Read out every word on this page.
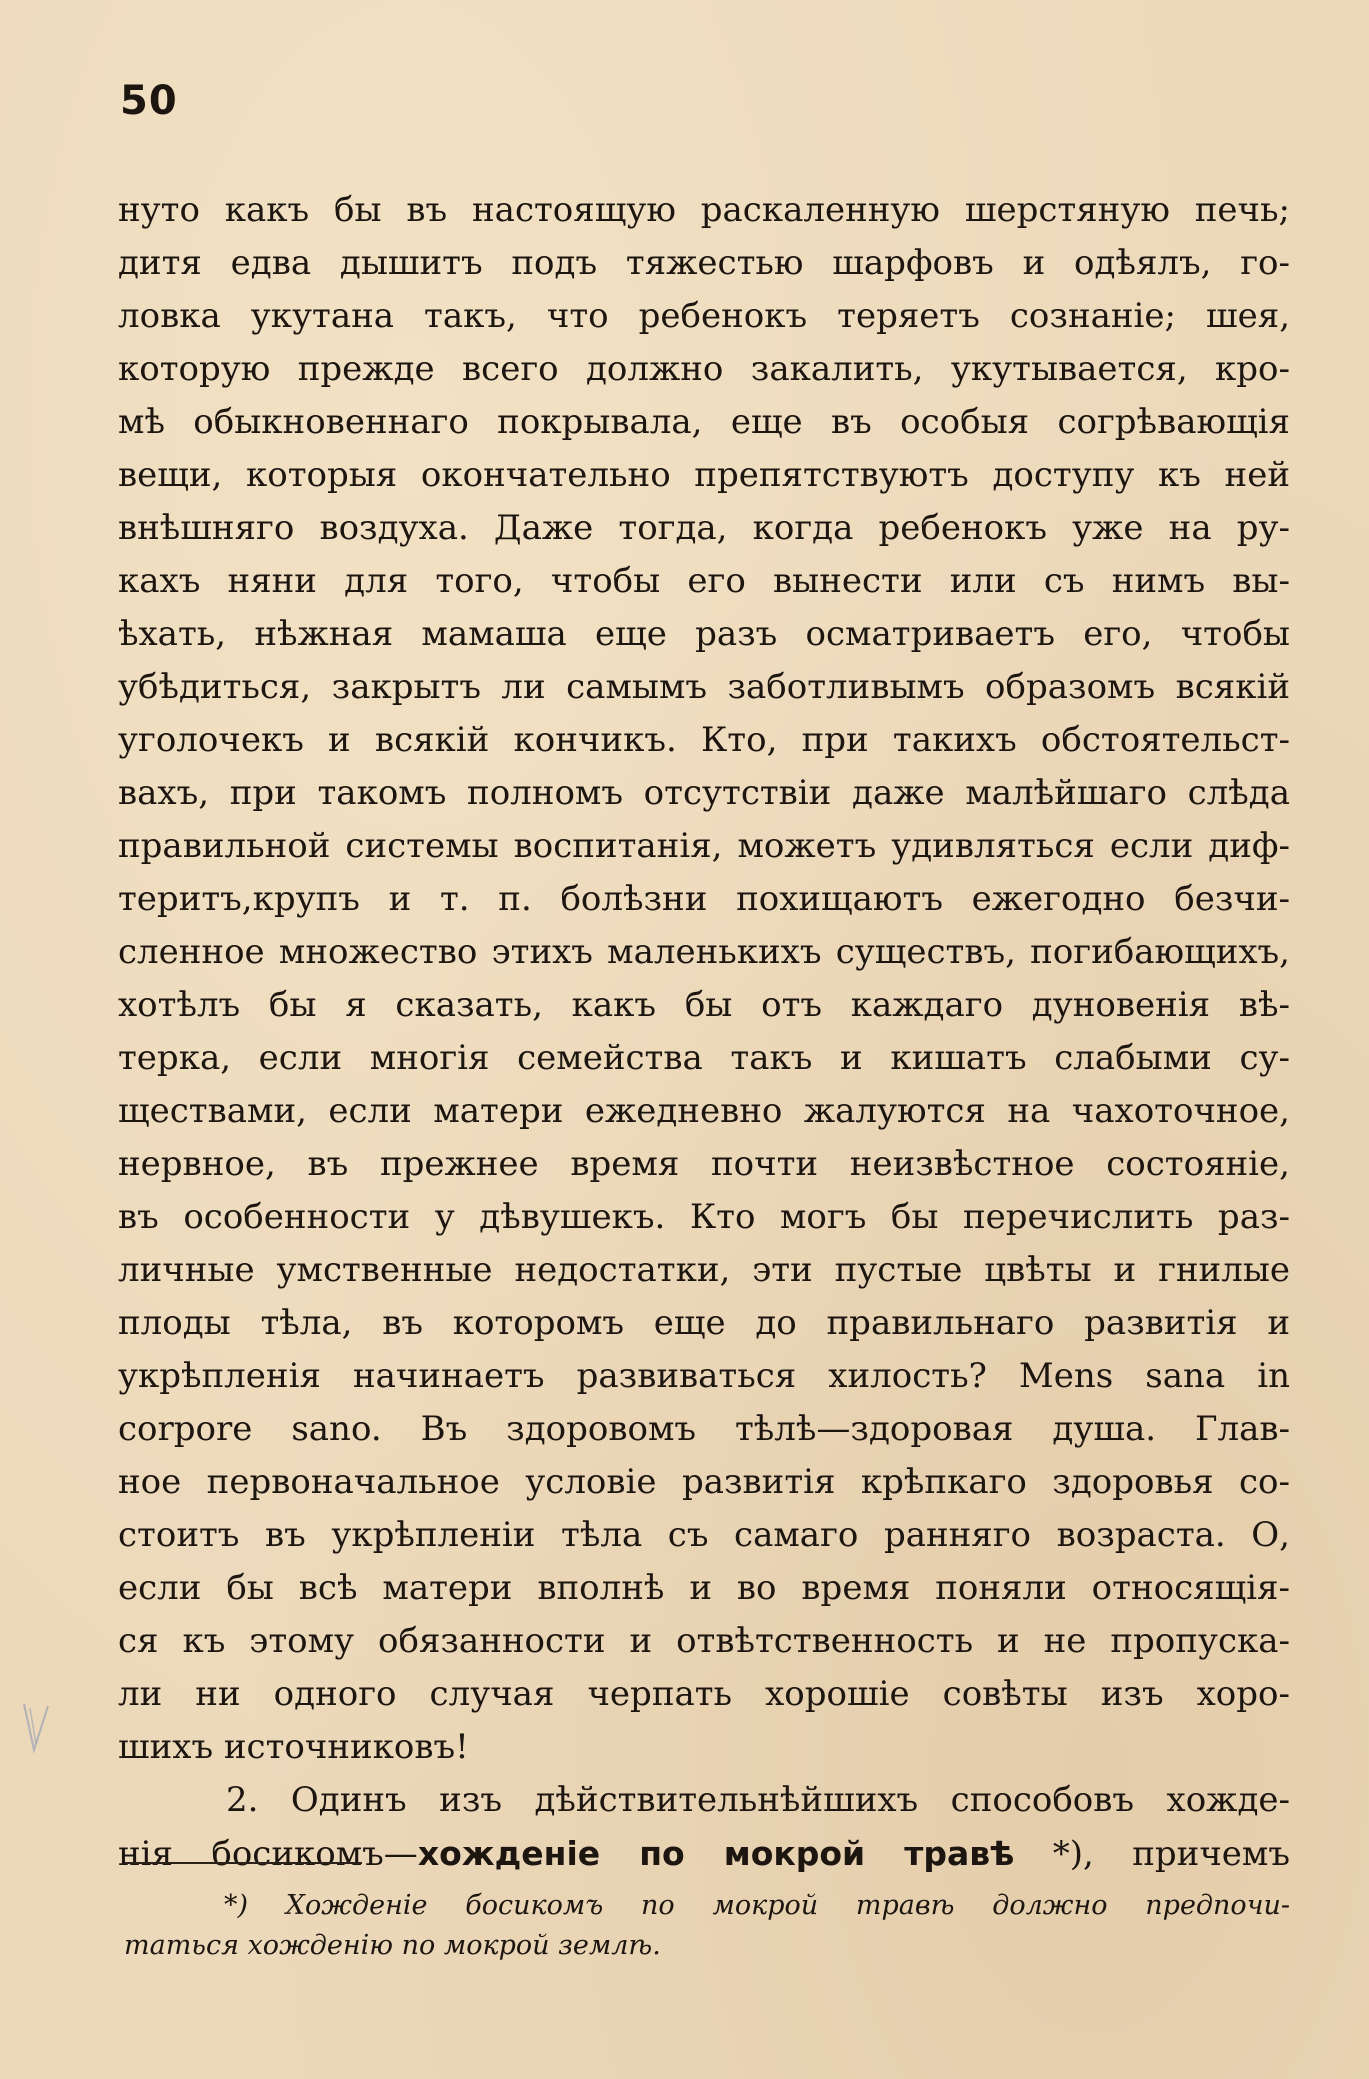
50
нуто какъ бы въ настоящую раскаленную шерстяную печь;
дитя едва дышитъ подъ тяжестью шарфовъ и одѣялъ, го-
ловка укутана такъ, что ребенокъ теряетъ сознаніе; шея,
которую прежде всего должно закалить, укутывается, кро-
мѣ обыкновеннаго покрывала, еще въ особыя согрѣвающія
вещи, которыя окончательно препятствуютъ доступу къ ней
внѣшняго воздуха. Даже тогда, когда ребенокъ уже на ру-
кахъ няни для того, чтобы его вынести или съ нимъ вы-
ѣхать, нѣжная мамаша еще разъ осматриваетъ его, чтобы
убѣдиться, закрытъ ли самымъ заботливымъ образомъ всякій
уголочекъ и всякій кончикъ. Кто, при такихъ обстоятельст-
вахъ, при такомъ полномъ отсутствіи даже малѣйшаго слѣда
правильной системы воспитанія, можетъ удивляться если диф-
теритъ,крупъ и т. п. болѣзни похищаютъ ежегодно безчи-
сленное множество этихъ маленькихъ существъ, погибающихъ,
хотѣлъ бы я сказать, какъ бы отъ каждаго дуновенія вѣ-
терка, если многія семейства такъ и кишатъ слабыми су-
ществами, если матери ежедневно жалуются на чахоточное,
нервное, въ прежнее время почти неизвѣстное состояніе,
въ особенности у дѣвушекъ. Кто могъ бы перечислить раз-
личные умственные недостатки, эти пустые цвѣты и гнилые
плоды тѣла, въ которомъ еще до правильнаго развитія и
укрѣпленія начинаетъ развиваться хилость? Mens sana in
corpore sano. Въ здоровомъ тѣлѣ—здоровая душа. Глав-
ное первоначальное условіе развитія крѣпкаго здоровья со-
стоитъ въ укрѣпленіи тѣла съ самаго ранняго возраста. О,
если бы всѣ матери вполнѣ и во время поняли относящія-
ся къ этому обязанности и отвѣтственность и не пропуска-
ли ни одного случая черпать хорошіе совѣты изъ хоро-
шихъ источниковъ!
2. Одинъ изъ дѣйствительнѣйшихъ способовъ хожде-
нія босикомъ—хожденіе по мокрой травѣ *), причемъ
*) Хожденіе босикомъ по мокрой травѣ должно предпочи-
таться хожденію по мокрой землѣ.
